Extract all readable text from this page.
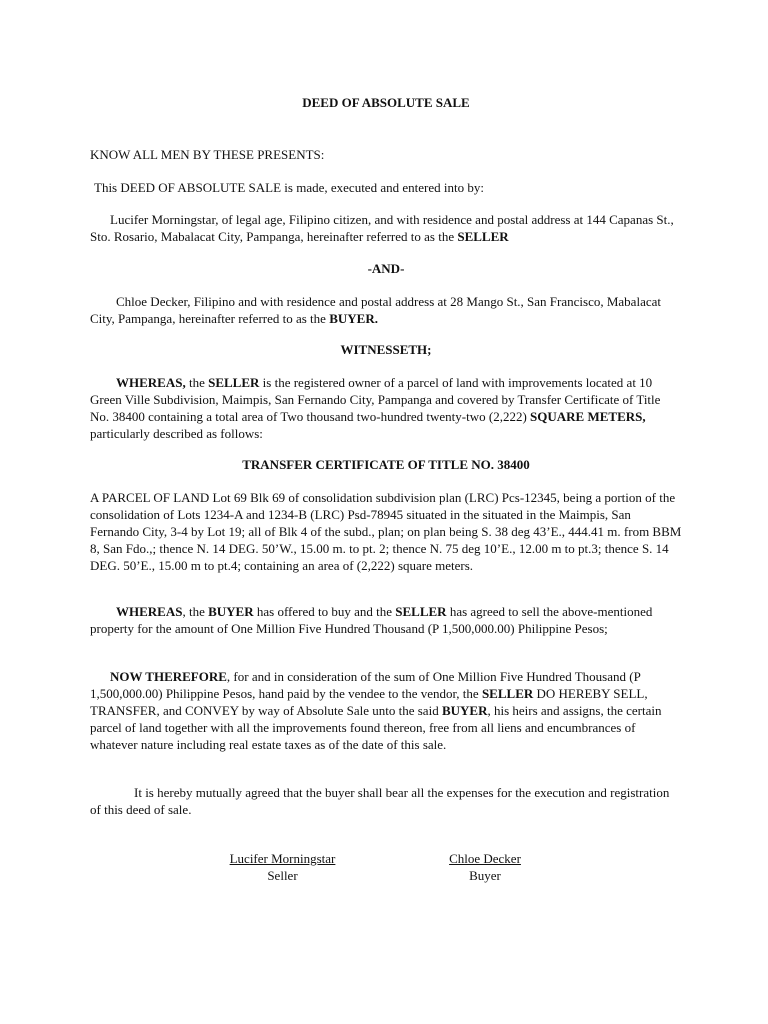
DEED OF ABSOLUTE SALE

KNOW ALL MEN BY THESE PRESENTS:

This DEED OF ABSOLUTE SALE is made, executed and entered into by:

Lucifer Morningstar, of legal age, Filipino citizen, and with residence and postal address at 144 Capanas St., Sto. Rosario, Mabalacat City, Pampanga, hereinafter referred to as the SELLER

-AND-

Chloe Decker, Filipino and with residence and postal address at 28 Mango St., San Francisco, Mabalacat City, Pampanga, hereinafter referred to as the BUYER.

WITNESSETH;

WHEREAS, the SELLER is the registered owner of a parcel of land with improvements located at 10 Green Ville Subdivision, Maimpis, San Fernando City, Pampanga and covered by Transfer Certificate of Title No. 38400 containing a total area of Two thousand two-hundred twenty-two (2,222) SQUARE METERS, particularly described as follows:

TRANSFER CERTIFICATE OF TITLE NO. 38400

A PARCEL OF LAND Lot 69 Blk 69 of consolidation subdivision plan (LRC) Pcs-12345, being a portion of the consolidation of Lots 1234-A and 1234-B (LRC) Psd-78945 situated in the situated in the Maimpis, San Fernando City, 3-4 by Lot 19; all of Blk 4 of the subd., plan; on plan being S. 38 deg 43’E., 444.41 m. from BBM 8, San Fdo.,; thence N. 14 DEG. 50’W., 15.00 m. to pt. 2; thence N. 75 deg 10’E., 12.00 m to pt.3; thence S. 14 DEG. 50’E., 15.00 m to pt.4; containing an area of (2,222) square meters.

WHEREAS, the BUYER has offered to buy and the SELLER has agreed to sell the above-mentioned property for the amount of One Million Five Hundred Thousand (P 1,500,000.00) Philippine Pesos;

NOW THEREFORE, for and in consideration of the sum of One Million Five Hundred Thousand (P 1,500,000.00) Philippine Pesos, hand paid by the vendee to the vendor, the SELLER DO HEREBY SELL, TRANSFER, and CONVEY by way of Absolute Sale unto the said BUYER, his heirs and assigns, the certain parcel of land together with all the improvements found thereon, free from all liens and encumbrances of whatever nature including real estate taxes as of the date of this sale.

It is hereby mutually agreed that the buyer shall bear all the expenses for the execution and registration of this deed of sale.

Lucifer Morningstar
Seller
Chloe Decker
Buyer
